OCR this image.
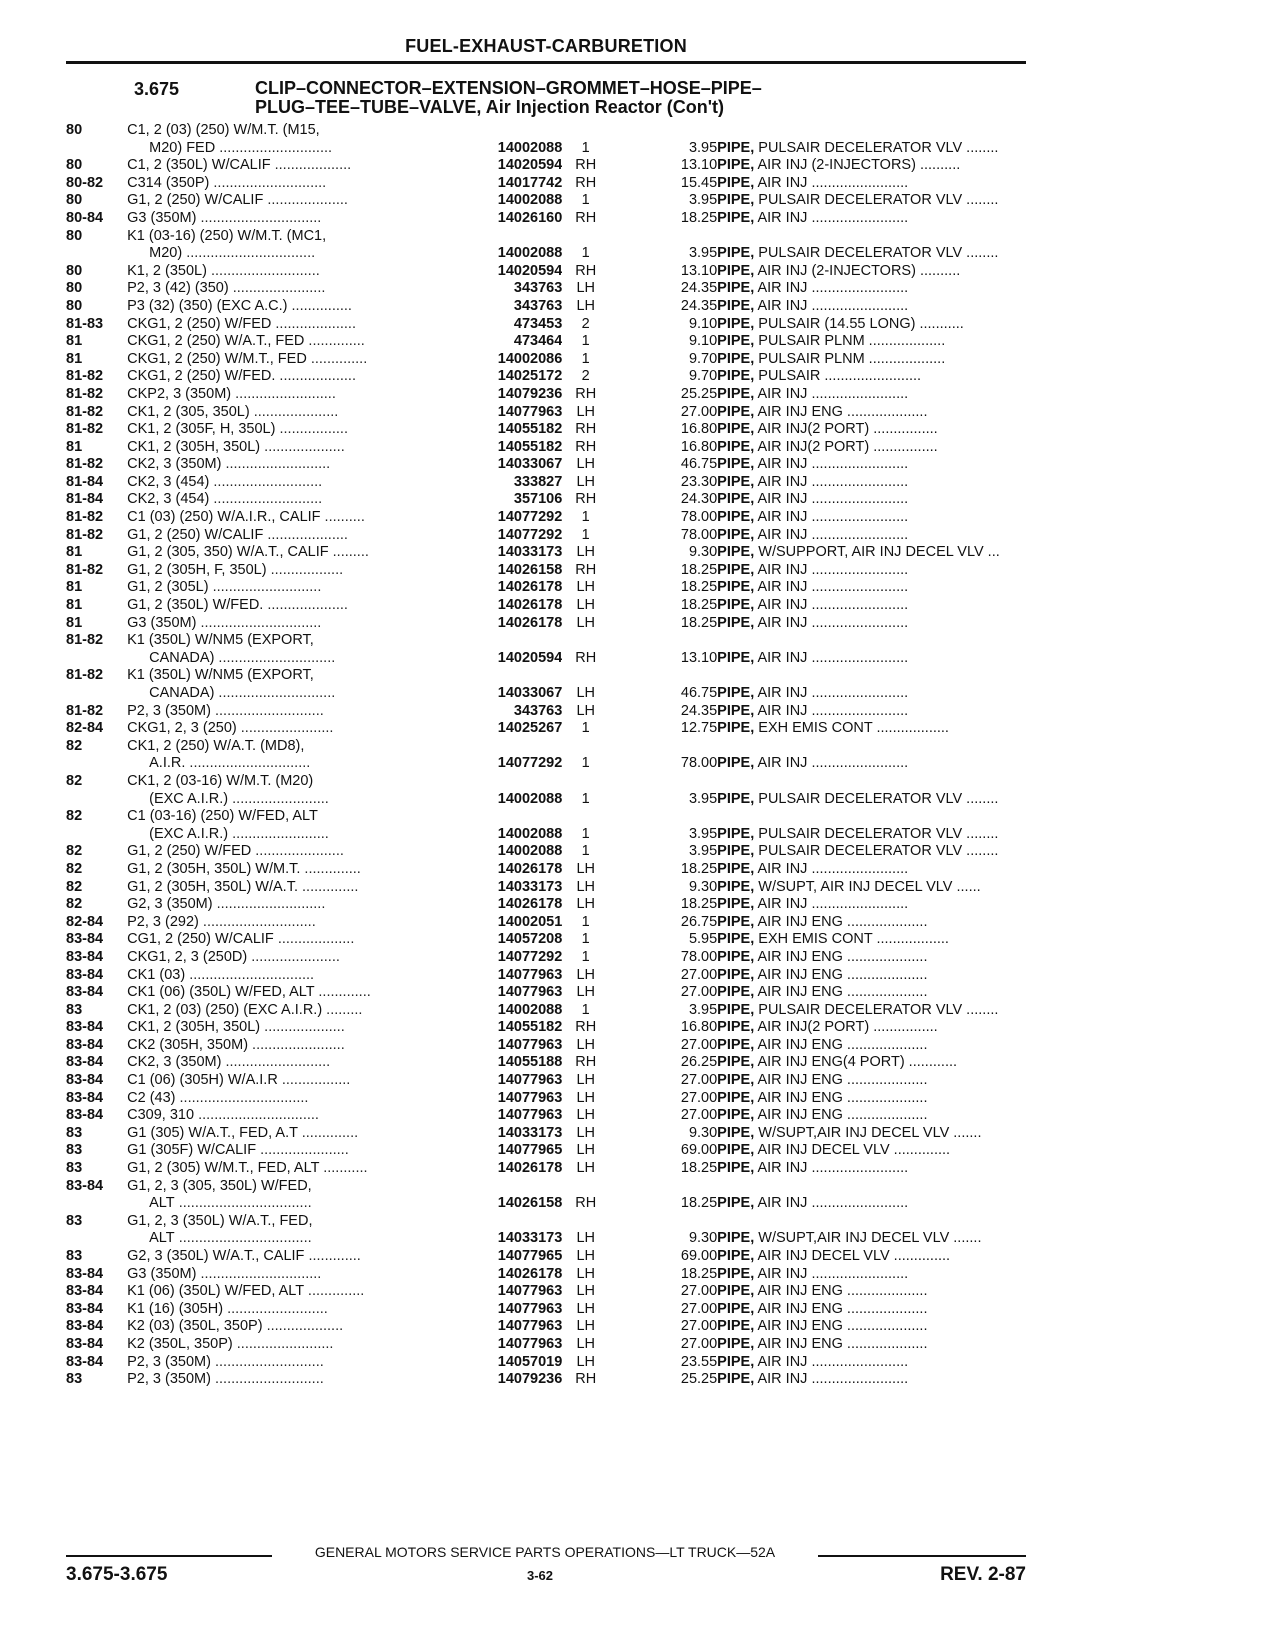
FUEL-EXHAUST-CARBURETION
3.675	CLIP–CONNECTOR–EXTENSION–GROMMET–HOSE–PIPE–
PLUG–TEE–TUBE–VALVE, Air Injection Reactor (Con't)
80	C1, 2 (03) (250) W/M.T. (M15,				
	M20) FED ............................	14002088	1	3.95	PIPE, PULSAIR DECELERATOR VLV ........
80	C1, 2 (350L) W/CALIF ...................	14020594	RH	13.10	PIPE, AIR INJ (2-INJECTORS) ..........
80-82	C314 (350P) ............................	14017742	RH	15.45	PIPE, AIR INJ ........................
80	G1, 2 (250) W/CALIF ....................	14002088	1	3.95	PIPE, PULSAIR DECELERATOR VLV ........
80-84	G3 (350M) ..............................	14026160	RH	18.25	PIPE, AIR INJ ........................
80	K1 (03-16) (250) W/M.T. (MC1,				
	M20) ................................	14002088	1	3.95	PIPE, PULSAIR DECELERATOR VLV ........
80	K1, 2 (350L) ...........................	14020594	RH	13.10	PIPE, AIR INJ (2-INJECTORS) ..........
80	P2, 3 (42) (350) .......................	343763	LH	24.35	PIPE, AIR INJ ........................
80	P3 (32) (350) (EXC A.C.) ...............	343763	LH	24.35	PIPE, AIR INJ ........................
81-83	CKG1, 2 (250) W/FED ....................	473453	2	9.10	PIPE, PULSAIR (14.55 LONG) ...........
81	CKG1, 2 (250) W/A.T., FED ..............	473464	1	9.10	PIPE, PULSAIR PLNM ...................
81	CKG1, 2 (250) W/M.T., FED ..............	14002086	1	9.70	PIPE, PULSAIR PLNM ...................
81-82	CKG1, 2 (250) W/FED. ...................	14025172	2	9.70	PIPE, PULSAIR ........................
81-82	CKP2, 3 (350M) .........................	14079236	RH	25.25	PIPE, AIR INJ ........................
81-82	CK1, 2 (305, 350L) .....................	14077963	LH	27.00	PIPE, AIR INJ ENG ....................
81-82	CK1, 2 (305F, H, 350L) .................	14055182	RH	16.80	PIPE, AIR INJ(2 PORT) ................
81	CK1, 2 (305H, 350L) ....................	14055182	RH	16.80	PIPE, AIR INJ(2 PORT) ................
81-82	CK2, 3 (350M) ..........................	14033067	LH	46.75	PIPE, AIR INJ ........................
81-84	CK2, 3 (454) ...........................	333827	LH	23.30	PIPE, AIR INJ ........................
81-84	CK2, 3 (454) ...........................	357106	RH	24.30	PIPE, AIR INJ ........................
81-82	C1 (03) (250) W/A.I.R., CALIF ..........	14077292	1	78.00	PIPE, AIR INJ ........................
81-82	G1, 2 (250) W/CALIF ....................	14077292	1	78.00	PIPE, AIR INJ ........................
81	G1, 2 (305, 350) W/A.T., CALIF .........	14033173	LH	9.30	PIPE, W/SUPPORT, AIR INJ DECEL VLV ...
81-82	G1, 2 (305H, F, 350L) ..................	14026158	RH	18.25	PIPE, AIR INJ ........................
81	G1, 2 (305L) ...........................	14026178	LH	18.25	PIPE, AIR INJ ........................
81	G1, 2 (350L) W/FED. ....................	14026178	LH	18.25	PIPE, AIR INJ ........................
81	G3 (350M) ..............................	14026178	LH	18.25	PIPE, AIR INJ ........................
81-82	K1 (350L) W/NM5 (EXPORT,				
	CANADA) .............................	14020594	RH	13.10	PIPE, AIR INJ ........................
81-82	K1 (350L) W/NM5 (EXPORT,				
	CANADA) .............................	14033067	LH	46.75	PIPE, AIR INJ ........................
81-82	P2, 3 (350M) ...........................	343763	LH	24.35	PIPE, AIR INJ ........................
82-84	CKG1, 2, 3 (250) .......................	14025267	1	12.75	PIPE, EXH EMIS CONT ..................
82	CK1, 2 (250) W/A.T. (MD8),				
	A.I.R. ..............................	14077292	1	78.00	PIPE, AIR INJ ........................
82	CK1, 2 (03-16) W/M.T. (M20)				
	(EXC A.I.R.) ........................	14002088	1	3.95	PIPE, PULSAIR DECELERATOR VLV ........
82	C1 (03-16) (250) W/FED, ALT				
	(EXC A.I.R.) ........................	14002088	1	3.95	PIPE, PULSAIR DECELERATOR VLV ........
82	G1, 2 (250) W/FED ......................	14002088	1	3.95	PIPE, PULSAIR DECELERATOR VLV ........
82	G1, 2 (305H, 350L) W/M.T. ..............	14026178	LH	18.25	PIPE, AIR INJ ........................
82	G1, 2 (305H, 350L) W/A.T. ..............	14033173	LH	9.30	PIPE, W/SUPT, AIR INJ DECEL VLV ......
82	G2, 3 (350M) ...........................	14026178	LH	18.25	PIPE, AIR INJ ........................
82-84	P2, 3 (292) ............................	14002051	1	26.75	PIPE, AIR INJ ENG ....................
83-84	CG1, 2 (250) W/CALIF ...................	14057208	1	5.95	PIPE, EXH EMIS CONT ..................
83-84	CKG1, 2, 3 (250D) ......................	14077292	1	78.00	PIPE, AIR INJ ENG ....................
83-84	CK1 (03) ...............................	14077963	LH	27.00	PIPE, AIR INJ ENG ....................
83-84	CK1 (06) (350L) W/FED, ALT .............	14077963	LH	27.00	PIPE, AIR INJ ENG ....................
83	CK1, 2 (03) (250) (EXC A.I.R.) .........	14002088	1	3.95	PIPE, PULSAIR DECELERATOR VLV ........
83-84	CK1, 2 (305H, 350L) ....................	14055182	RH	16.80	PIPE, AIR INJ(2 PORT) ................
83-84	CK2 (305H, 350M) .......................	14077963	LH	27.00	PIPE, AIR INJ ENG ....................
83-84	CK2, 3 (350M) ..........................	14055188	RH	26.25	PIPE, AIR INJ ENG(4 PORT) ............
83-84	C1 (06) (305H) W/A.I.R .................	14077963	LH	27.00	PIPE, AIR INJ ENG ....................
83-84	C2 (43) ................................	14077963	LH	27.00	PIPE, AIR INJ ENG ....................
83-84	C309, 310 ..............................	14077963	LH	27.00	PIPE, AIR INJ ENG ....................
83	G1 (305) W/A.T., FED, A.T ..............	14033173	LH	9.30	PIPE, W/SUPT,AIR INJ DECEL VLV .......
83	G1 (305F) W/CALIF ......................	14077965	LH	69.00	PIPE, AIR INJ DECEL VLV ..............
83	G1, 2 (305) W/M.T., FED, ALT ...........	14026178	LH	18.25	PIPE, AIR INJ ........................
83-84	G1, 2, 3 (305, 350L) W/FED,				
	ALT .................................	14026158	RH	18.25	PIPE, AIR INJ ........................
83	G1, 2, 3 (350L) W/A.T., FED,				
	ALT .................................	14033173	LH	9.30	PIPE, W/SUPT,AIR INJ DECEL VLV .......
83	G2, 3 (350L) W/A.T., CALIF .............	14077965	LH	69.00	PIPE, AIR INJ DECEL VLV ..............
83-84	G3 (350M) ..............................	14026178	LH	18.25	PIPE, AIR INJ ........................
83-84	K1 (06) (350L) W/FED, ALT ..............	14077963	LH	27.00	PIPE, AIR INJ ENG ....................
83-84	K1 (16) (305H) .........................	14077963	LH	27.00	PIPE, AIR INJ ENG ....................
83-84	K2 (03) (350L, 350P) ...................	14077963	LH	27.00	PIPE, AIR INJ ENG ....................
83-84	K2 (350L, 350P) ........................	14077963	LH	27.00	PIPE, AIR INJ ENG ....................
83-84	P2, 3 (350M) ...........................	14057019	LH	23.55	PIPE, AIR INJ ........................
83	P2, 3 (350M) ...........................	14079236	RH	25.25	PIPE, AIR INJ ........................
GENERAL MOTORS SERVICE PARTS OPERATIONS—LT TRUCK—52A
3.675-3.675	3-62	REV. 2-87
